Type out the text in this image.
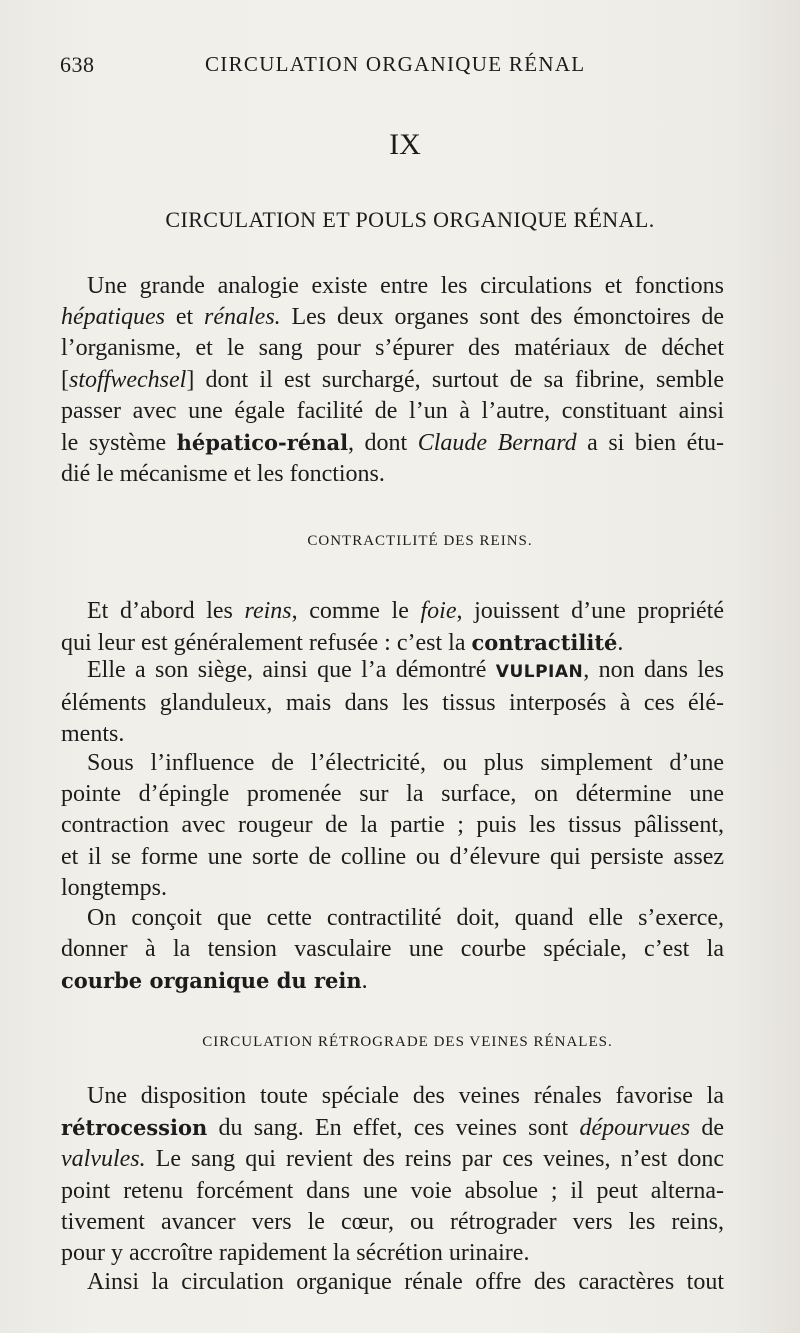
638	CIRCULATION ORGANIQUE RÉNAL
IX
CIRCULATION ET POULS ORGANIQUE RÉNAL.
Une grande analogie existe entre les circulations et fonctions
hépatiques et rénales. Les deux organes sont des émonctoires de
l’organisme, et le sang pour s’épurer des matériaux de déchet
[stoffwechsel] dont il est surchargé, surtout de sa fibrine, semble
passer avec une égale facilité de l’un à l’autre, constituant ainsi
le système hépatico-rénal, dont Claude Bernard a si bien étu-
dié le mécanisme et les fonctions.
CONTRACTILITÉ DES REINS.
Et d’abord les reins, comme le foie, jouissent d’une propriété
qui leur est généralement refusée : c’est la contractilité.
Elle a son siège, ainsi que l’a démontré VULPIAN, non dans les
éléments glanduleux, mais dans les tissus interposés à ces élé-
ments.
Sous l’influence de l’électricité, ou plus simplement d’une
pointe d’épingle promenée sur la surface, on détermine une
contraction avec rougeur de la partie ; puis les tissus pâlissent,
et il se forme une sorte de colline ou d’élevure qui persiste assez
longtemps.
On conçoit que cette contractilité doit, quand elle s’exerce,
donner à la tension vasculaire une courbe spéciale, c’est la
courbe organique du rein.
CIRCULATION RÉTROGRADE DES VEINES RÉNALES.
Une disposition toute spéciale des veines rénales favorise la
rétrocession du sang. En effet, ces veines sont dépourvues de
valvules. Le sang qui revient des reins par ces veines, n’est donc
point retenu forcément dans une voie absolue ; il peut alterna-
tivement avancer vers le cœur, ou rétrograder vers les reins,
pour y accroître rapidement la sécrétion urinaire.
Ainsi la circulation organique rénale offre des caractères tout
